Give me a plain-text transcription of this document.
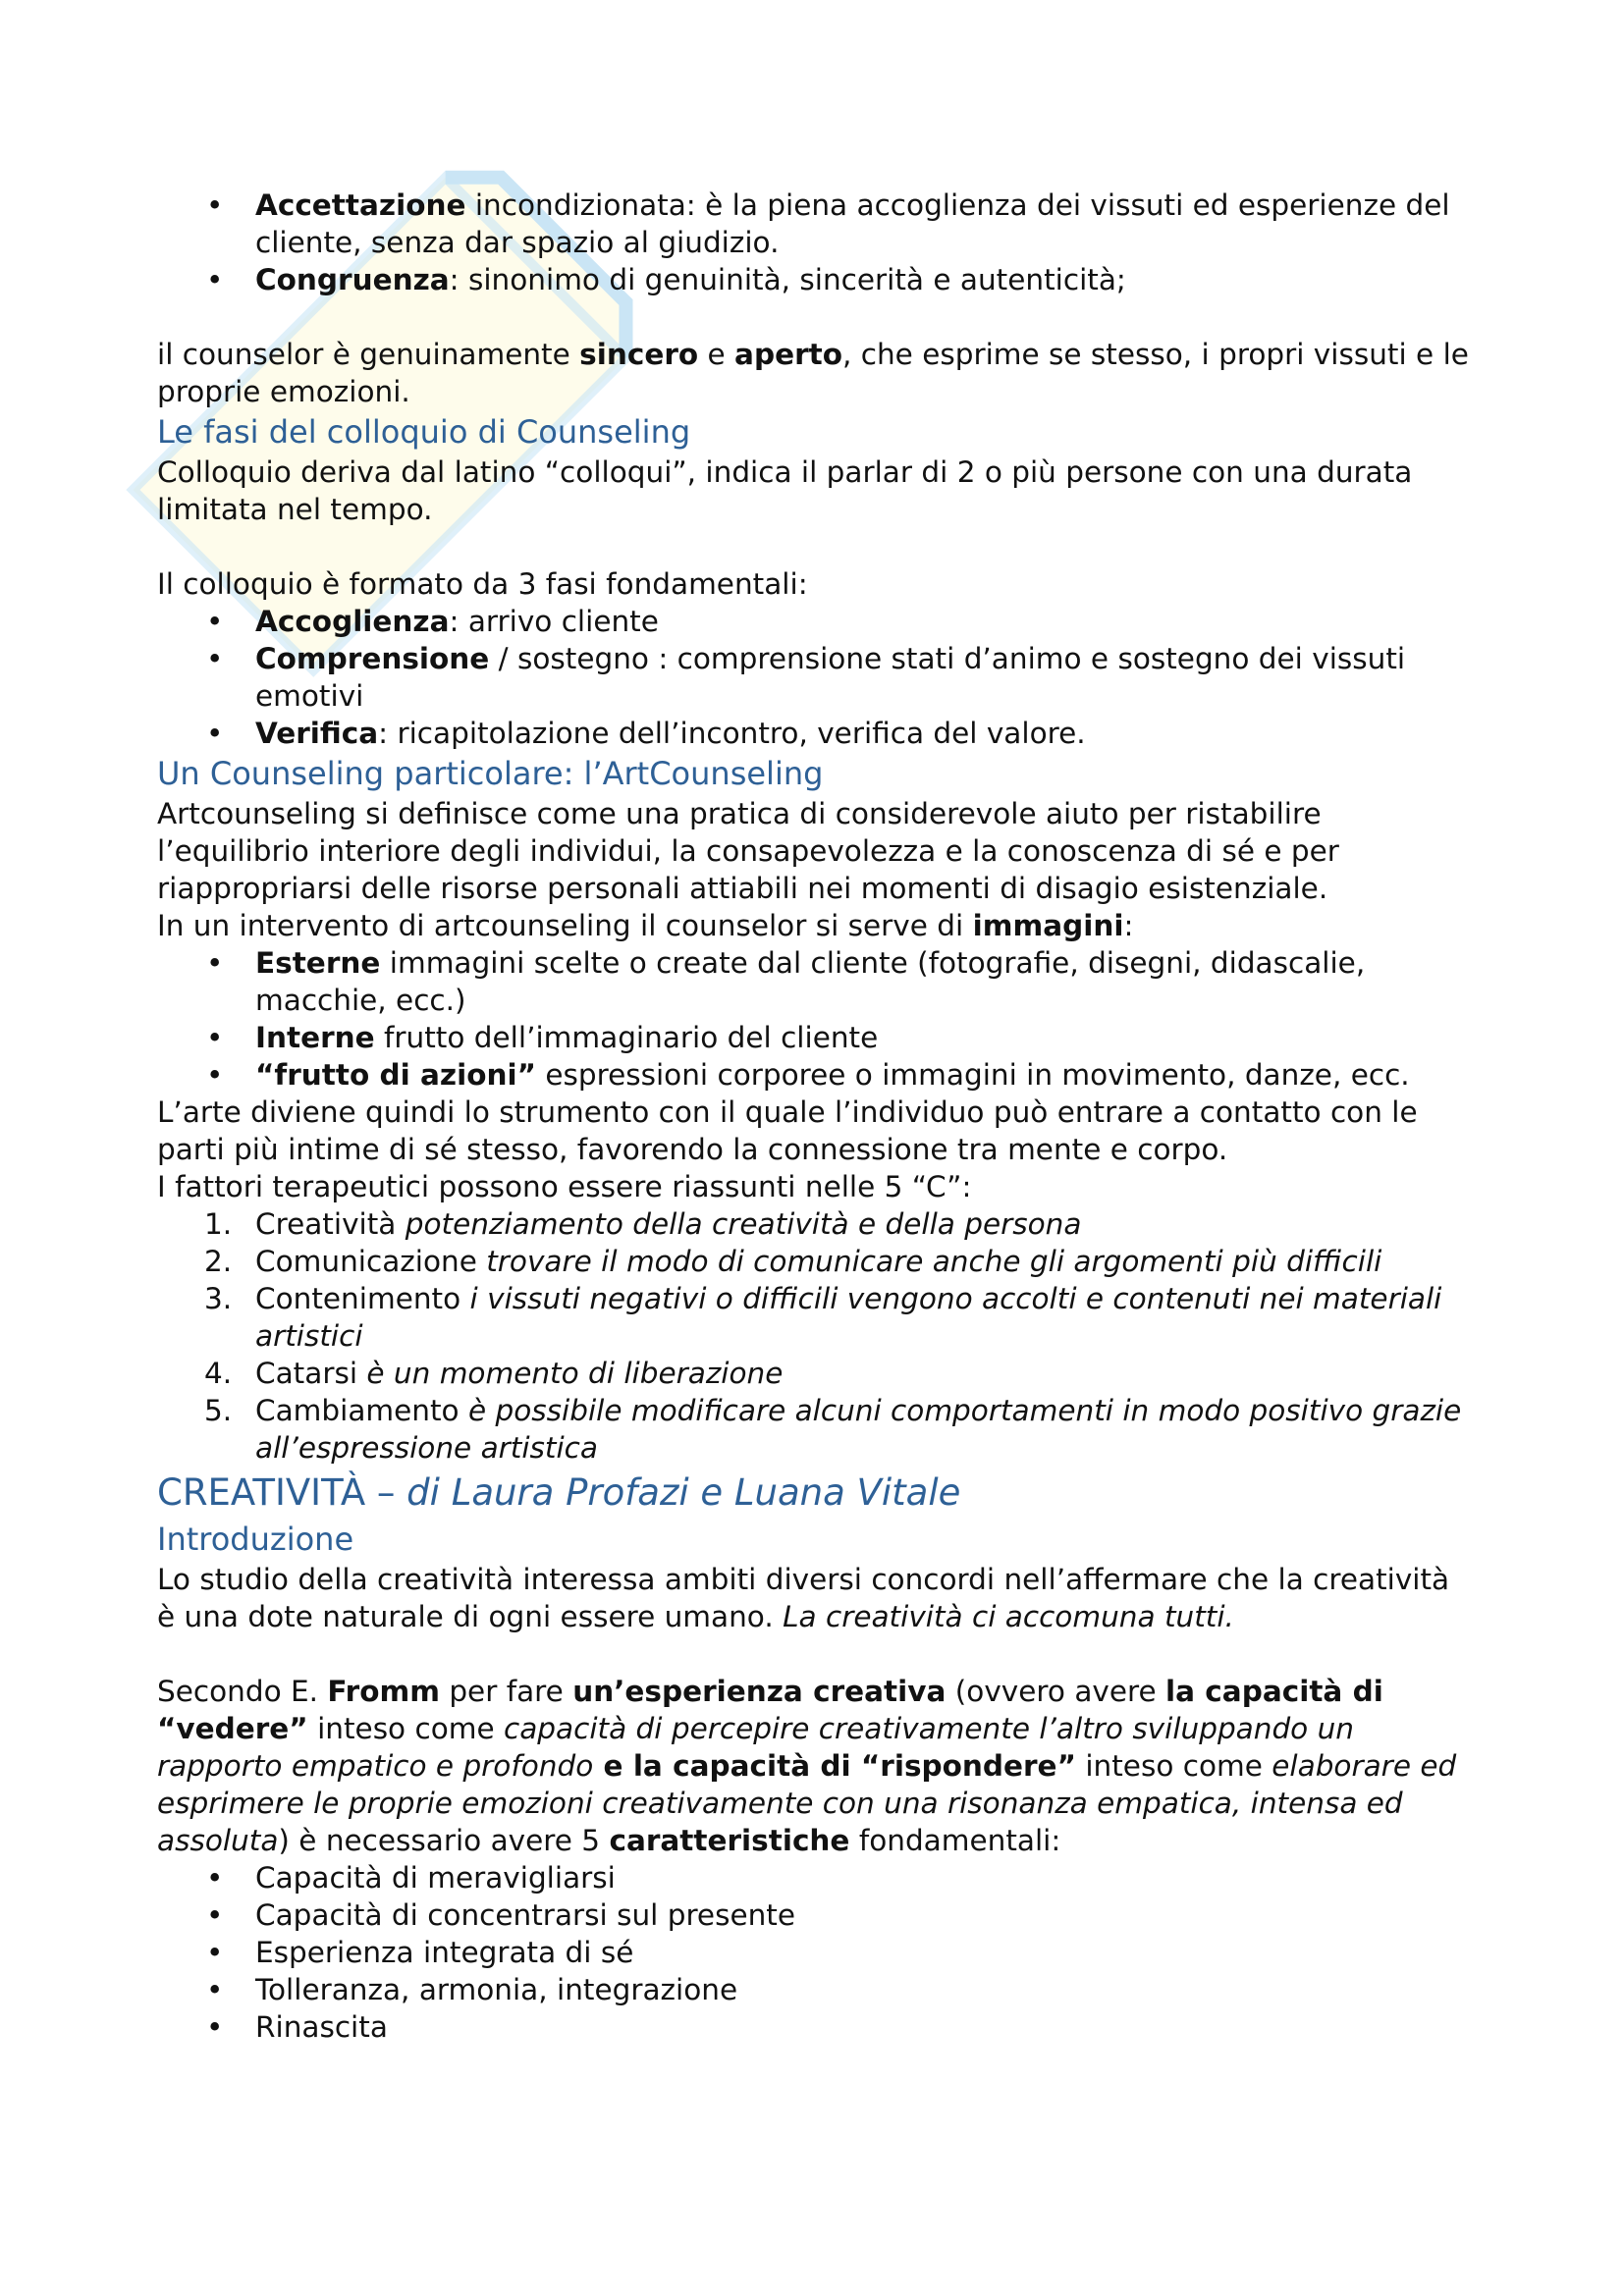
• Accettazione incondizionata: è la piena accoglienza dei vissuti ed esperienze del cliente, senza dar spazio al giudizio.
• Congruenza: sinonimo di genuinità, sincerità e autenticità;

il counselor è genuinamente sincero e aperto, che esprime se stesso, i propri vissuti e le proprie emozioni.

Le fasi del colloquio di Counseling

Colloquio deriva dal latino “colloqui”, indica il parlar di 2 o più persone con una durata limitata nel tempo.

Il colloquio è formato da 3 fasi fondamentali:

• Accoglienza: arrivo cliente
• Comprensione / sostegno : comprensione stati d’animo e sostegno dei vissuti emotivi
• Verifica: ricapitolazione dell’incontro, verifica del valore.
Un Counseling particolare: l’ArtCounseling

Artcounseling si definisce come una pratica di considerevole aiuto per ristabilire l’equilibrio interiore degli individui, la consapevolezza e la conoscenza di sé e per riappropriarsi delle risorse personali attiabili nei momenti di disagio esistenziale.

In un intervento di artcounseling il counselor si serve di immagini:

• Esterne immagini scelte o create dal cliente (fotografie, disegni, didascalie, macchie, ecc.)
• Interne frutto dell’immaginario del cliente
• “frutto di azioni” espressioni corporee o immagini in movimento, danze, ecc.

L’arte diviene quindi lo strumento con il quale l’individuo può entrare a contatto con le parti più intime di sé stesso, favorendo la connessione tra mente e corpo.

I fattori terapeutici possono essere riassunti nelle 5 “C”:

1. Creatività potenziamento della creatività e della persona
2. Comunicazione trovare il modo di comunicare anche gli argomenti più difficili
3. Contenimento i vissuti negativi o difficili vengono accolti e contenuti nei materiali artistici
4. Catarsi è un momento di liberazione
5. Cambiamento è possibile modificare alcuni comportamenti in modo positivo grazie all’espressione artistica
CREATIVITÀ – di Laura Profazi e Luana Vitale
Introduzione

Lo studio della creatività interessa ambiti diversi concordi nell’affermare che la creatività è una dote naturale di ogni essere umano. La creatività ci accomuna tutti.

Secondo E. Fromm per fare un’esperienza creativa (ovvero avere la capacità di “vedere” inteso come capacità di percepire creativamente l’altro sviluppando un rapporto empatico e profondo e la capacità di “rispondere” inteso come elaborare ed esprimere le proprie emozioni creativamente con una risonanza empatica, intensa ed assoluta) è necessario avere 5 caratteristiche fondamentali:

• Capacità di meravigliarsi
• Capacità di concentrarsi sul presente
• Esperienza integrata di sé
• Tolleranza, armonia, integrazione
• Rinascita
